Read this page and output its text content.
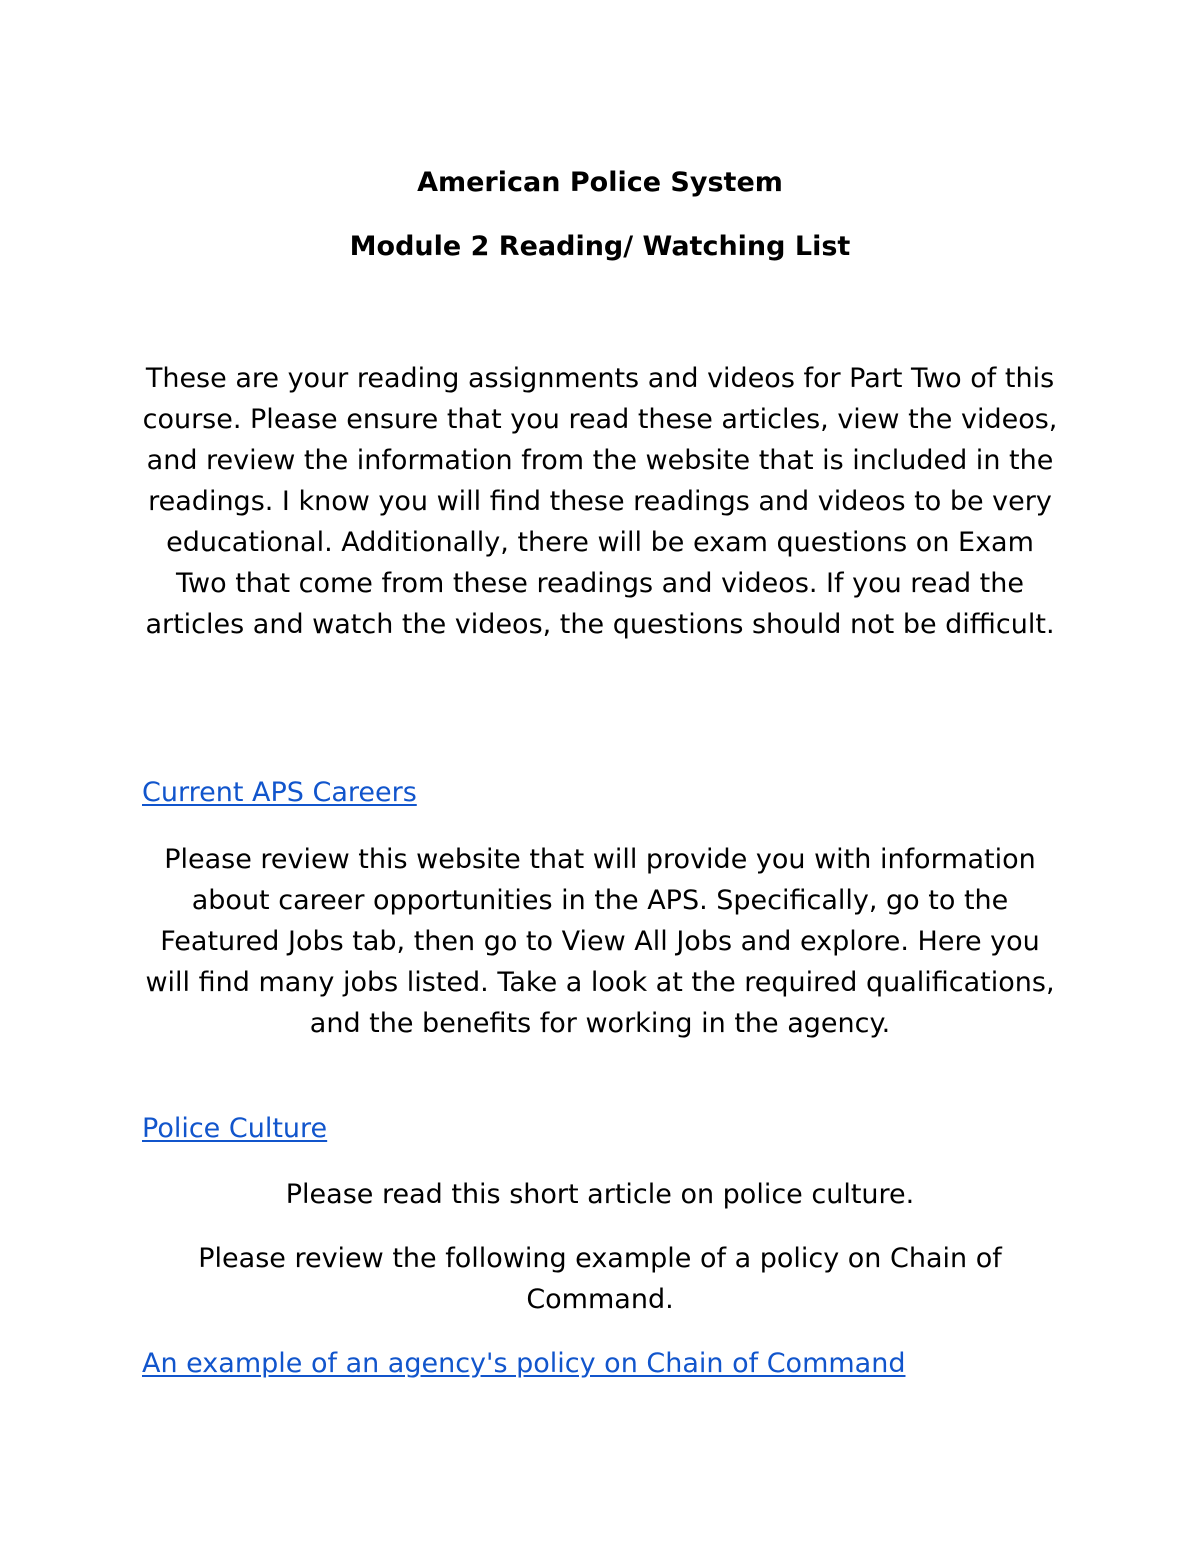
American Police System
Module 2 Reading/ Watching List

These are your reading assignments and videos for Part Two of this course. Please ensure that you read these articles, view the videos, and review the information from the website that is included in the readings. I know you will find these readings and videos to be very educational. Additionally, there will be exam questions on Exam Two that come from these readings and videos. If you read the articles and watch the videos, the questions should not be difficult.

Current APS Careers

Please review this website that will provide you with information about career opportunities in the APS. Specifically, go to the Featured Jobs tab, then go to View All Jobs and explore. Here you will find many jobs listed. Take a look at the required qualifications, and the benefits for working in the agency.

Police Culture

Please read this short article on police culture.

Please review the following example of a policy on Chain of Command.

An example of an agency's policy on Chain of Command
